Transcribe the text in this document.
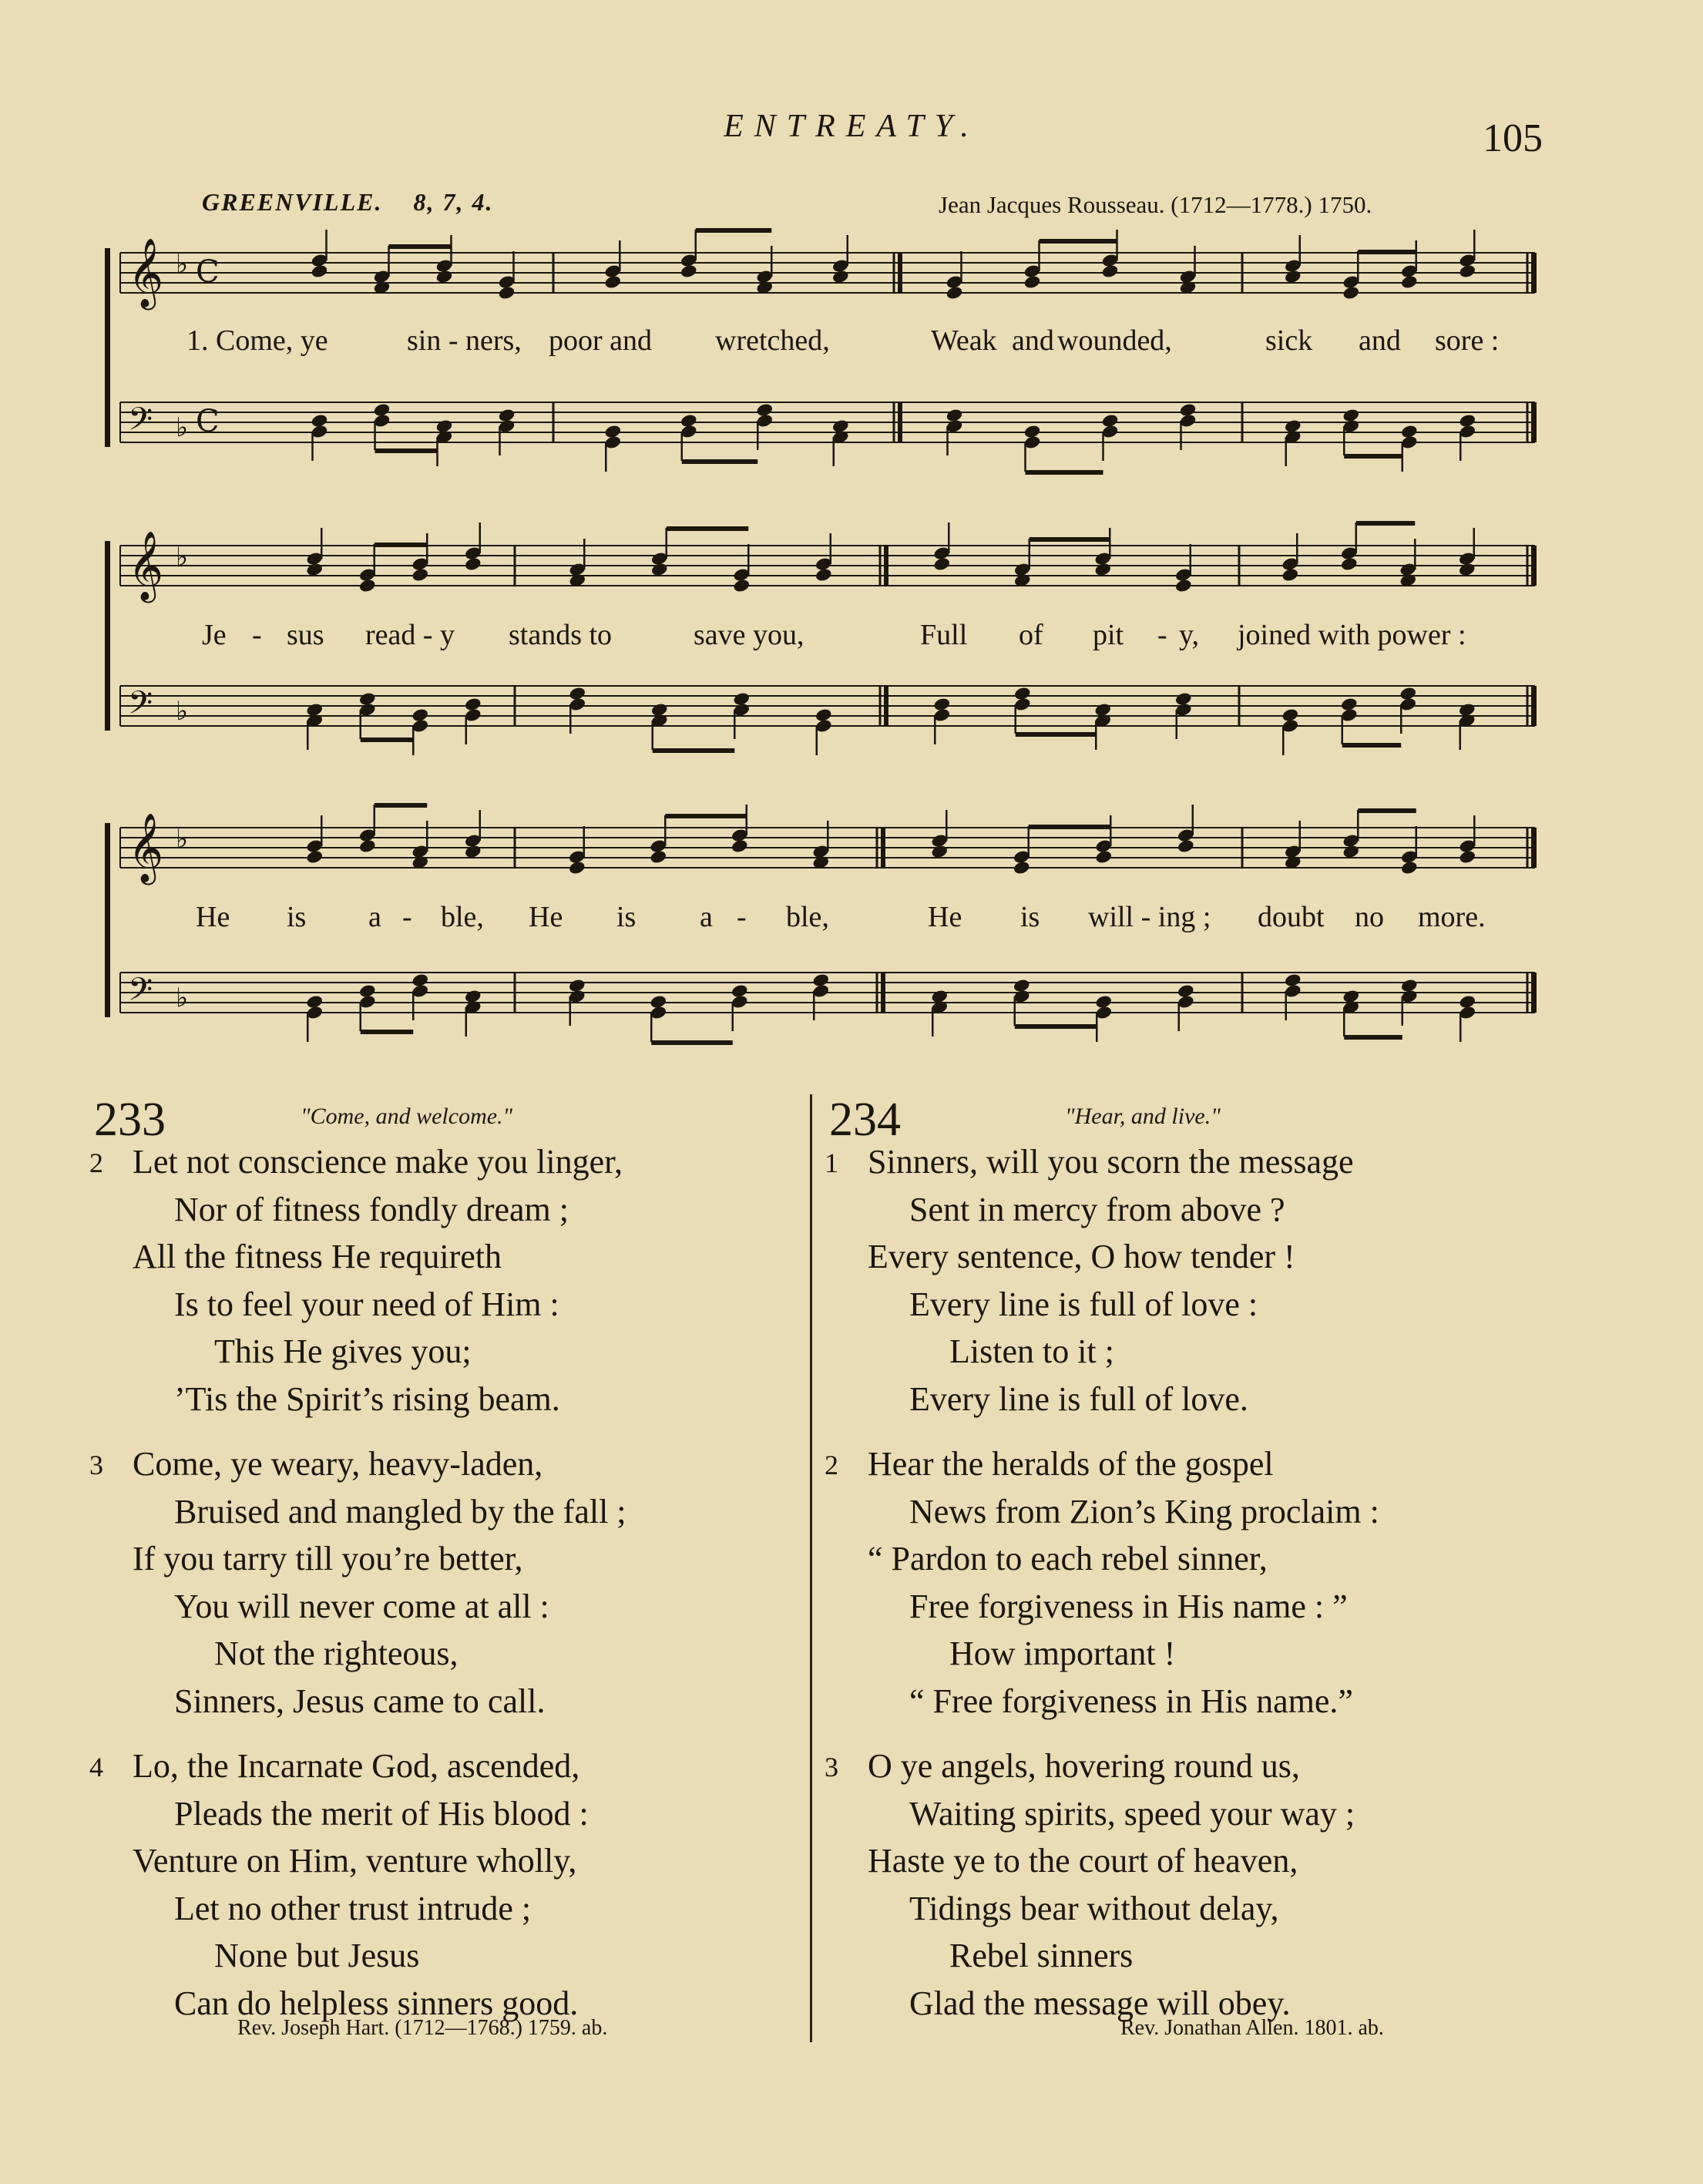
ENTREATY.	105
GREENVILLE. 8, 7, 4.	Jean Jacques Rousseau. (1712—1778.) 1750.
𝄞 ♭ C
𝄢 ♭ C
𝄞 ♭
𝄢 ♭
𝄞 ♭
𝄢 ♭
1. Come, ye	sin - ners, poor and wretched,	Weak and wounded,	sick and sore :
Je - sus read - y stands to	save you,	Full of pit - y, joined with power :
He is a - ble, He is a - ble,	He is will - ing ; doubt no more.
233	"Come, and welcome."
2 Let not conscience make you linger,
Nor of fitness fondly dream ;
All the fitness He requireth
Is to feel your need of Him :
This He gives you;
’Tis the Spirit’s rising beam.
3 Come, ye weary, heavy-laden,
Bruised and mangled by the fall ;
If you tarry till you’re better,
You will never come at all :
Not the righteous,
Sinners, Jesus came to call.
4 Lo, the Incarnate God, ascended,
Pleads the merit of His blood :
Venture on Him, venture wholly,
Let no other trust intrude ;
None but Jesus
Can do helpless sinners good.
Rev. Joseph Hart. (1712—1768.) 1759. ab.
234	"Hear, and live."
1 Sinners, will you scorn the message
Sent in mercy from above ?
Every sentence, O how tender !
Every line is full of love :
Listen to it ;
Every line is full of love.
2 Hear the heralds of the gospel
News from Zion’s King proclaim :
“ Pardon to each rebel sinner,
Free forgiveness in His name : ”
How important !
“ Free forgiveness in His name.”
3 O ye angels, hovering round us,
Waiting spirits, speed your way ;
Haste ye to the court of heaven,
Tidings bear without delay,
Rebel sinners
Glad the message will obey.
Rev. Jonathan Allen. 1801. ab.
